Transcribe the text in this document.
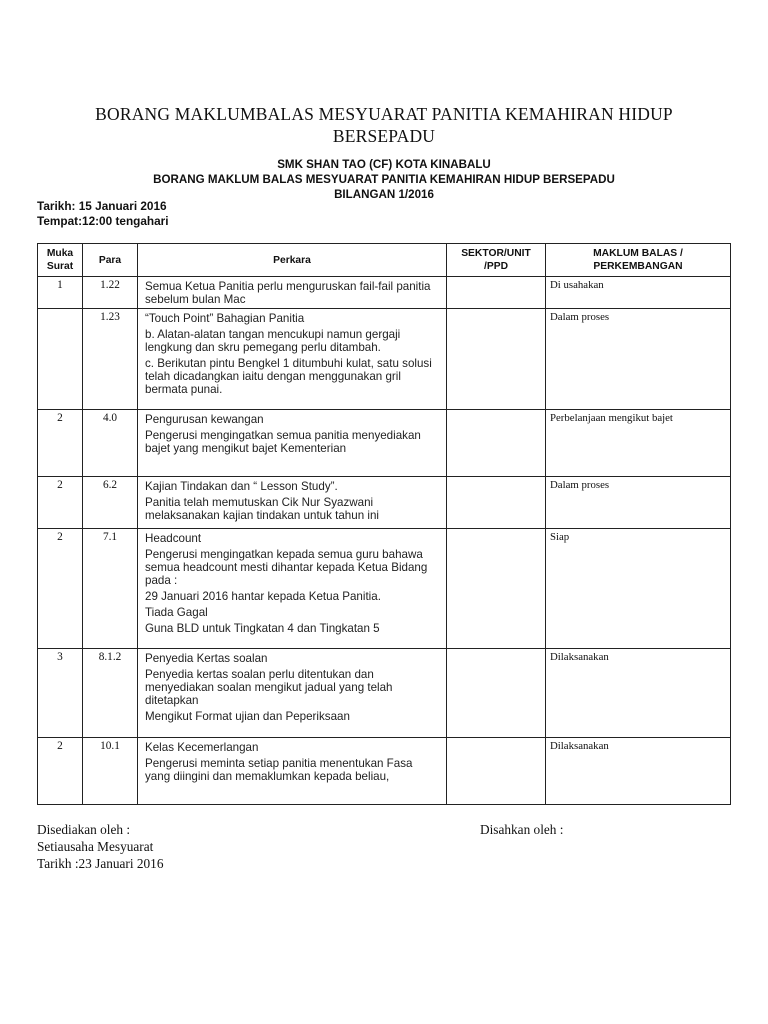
BORANG MAKLUMBALAS MESYUARAT PANITIA KEMAHIRAN HIDUP
BERSEPADU
SMK SHAN TAO (CF) KOTA KINABALU
BORANG MAKLUM BALAS MESYUARAT PANITIA KEMAHIRAN HIDUP BERSEPADU
BILANGAN 1/2016
Tarikh: 15 Januari 2016
Tempat:12:00 tengahari
Muka Surat	Para	Perkara	SEKTOR/UNIT /PPD	MAKLUM BALAS / PERKEMBANGAN
1	1.22	Semua Ketua Panitia perlu menguruskan fail-fail panitia sebelum bulan Mac		Di usahakan
	1.23	“Touch Point” Bahagian Panitia

b. Alatan-alatan tangan mencukupi namun gergaji lengkung dan skru pemegang perlu ditambah.

c. Berikutan pintu Bengkel 1 ditumbuhi kulat, satu solusi telah dicadangkan iaitu dengan menggunakan gril bermata punai.		Dalam proses
2	4.0	Pengurusan kewangan

Pengerusi mengingatkan semua panitia menyediakan bajet yang mengikut bajet Kementerian		Perbelanjaan mengikut bajet
2	6.2	Kajian Tindakan dan “ Lesson Study”.

Panitia telah memutuskan Cik Nur Syazwani melaksanakan kajian tindakan untuk tahun ini		Dalam proses
2	7.1	Headcount

Pengerusi mengingatkan kepada semua guru bahawa semua headcount mesti dihantar kepada Ketua Bidang pada :

29 Januari 2016 hantar kepada Ketua Panitia.

Tiada Gagal

Guna BLD untuk Tingkatan 4 dan Tingkatan 5		Siap
3	8.1.2	Penyedia Kertas soalan

Penyedia kertas soalan perlu ditentukan dan menyediakan soalan mengikut jadual yang telah ditetapkan

Mengikut Format ujian dan Peperiksaan		Dilaksanakan
2	10.1	Kelas Kecemerlangan

Pengerusi meminta setiap panitia menentukan Fasa yang diingini dan memaklumkan kepada beliau,		Dilaksanakan
Disediakan oleh :
Setiausaha Mesyuarat
Tarikh :23 Januari 2016
Disahkan oleh :
